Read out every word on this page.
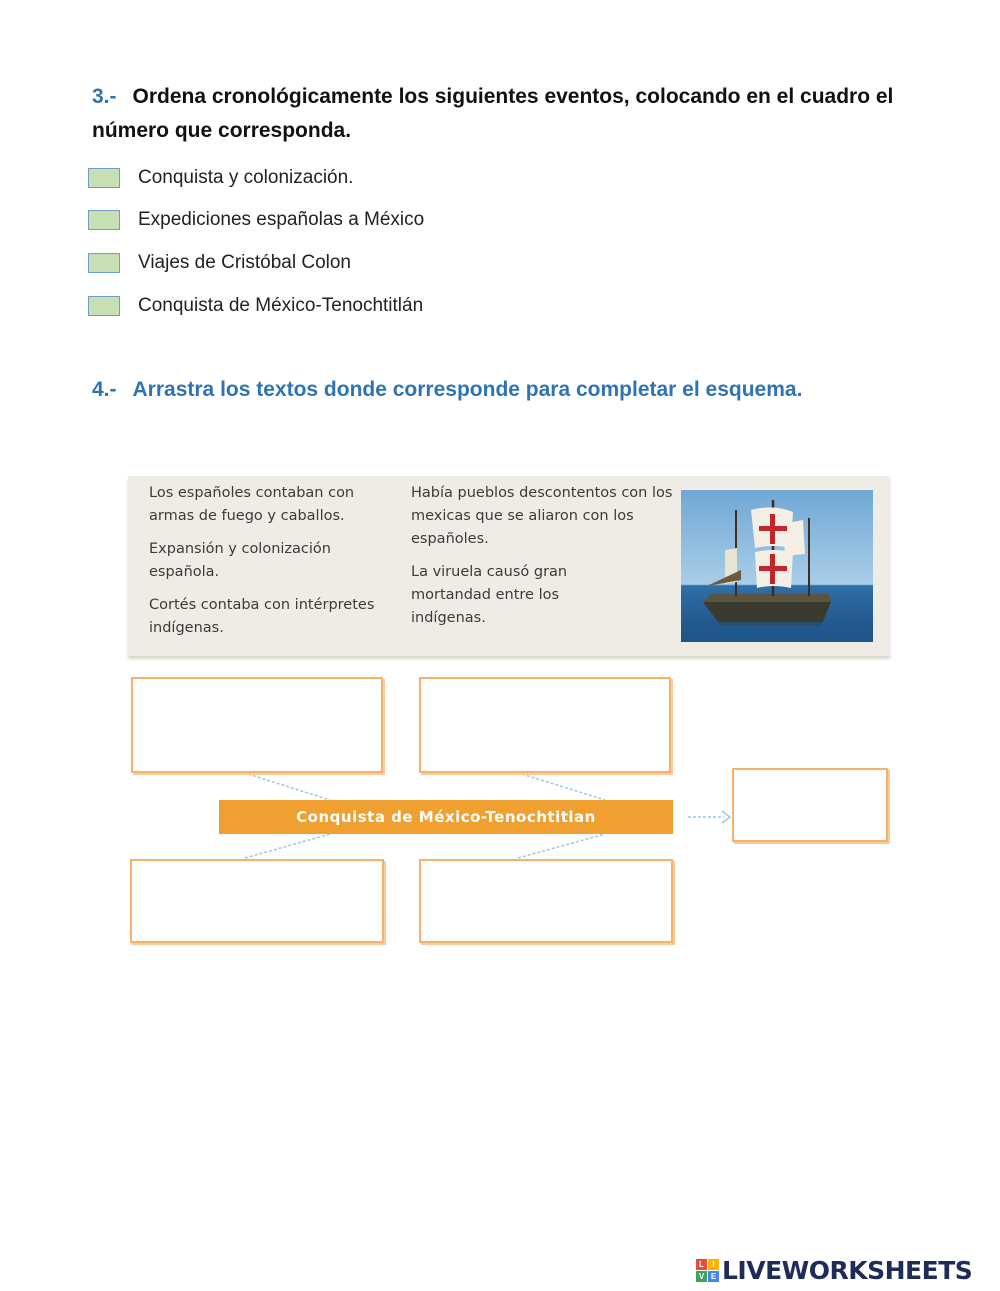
3.- Ordena cronológicamente los siguientes eventos, colocando en el cuadro el número que corresponda.
Conquista y colonización.
Expediciones españolas a México
Viajes de Cristóbal Colon
Conquista de México-Tenochtitlán
4.- Arrastra los textos donde corresponde para completar el esquema.
Los españoles contaban con armas de fuego y caballos.
Expansión y colonización española.
Cortés contaba con intérpretes indígenas.
Había pueblos descontentos con los mexicas que se aliaron con los españoles.
La viruela causó gran mortandad entre los indígenas.
Conquista de México-Tenochtitlan
L	I
V E LIVEWORKSHEETS
